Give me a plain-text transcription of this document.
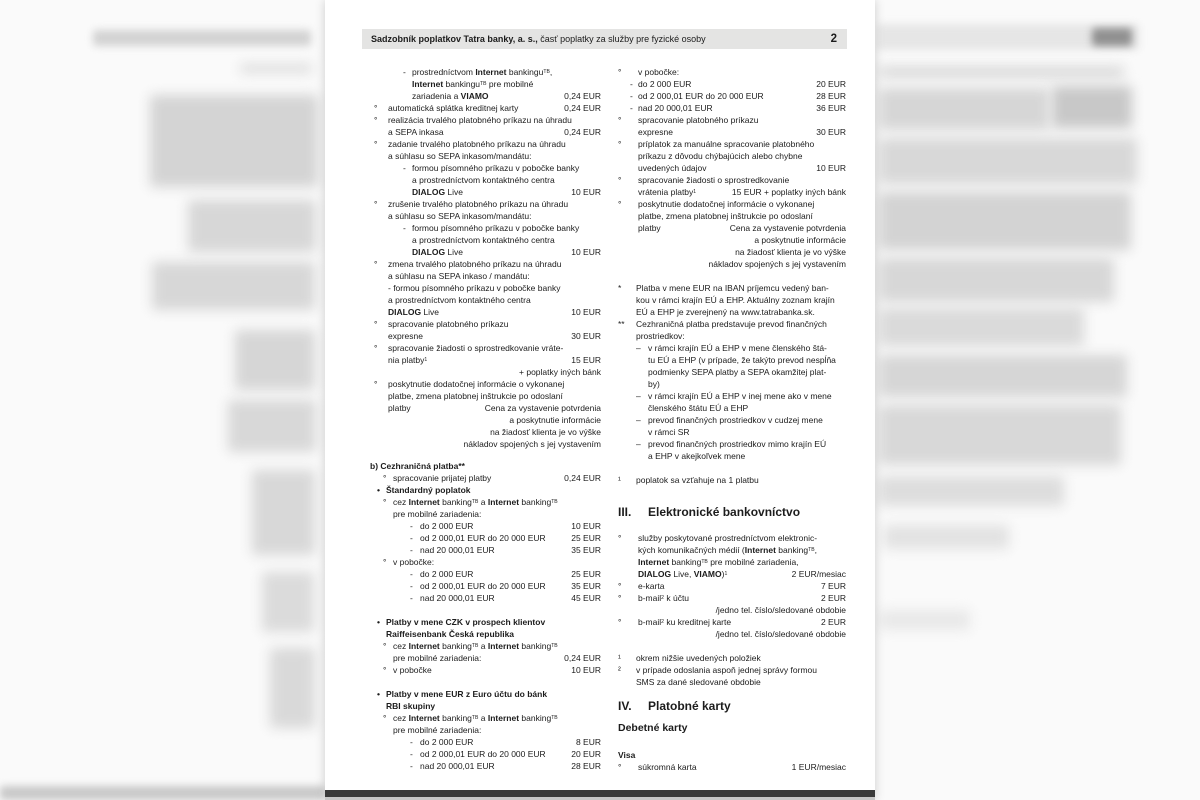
Sadzobník poplatkov Tatra banky, a. s., časť poplatky za služby pre fyzické osoby	2
- prostredníctvom Internet bankingu$^{TB}$,
Internet bankingu$^{TB}$ pre mobilné
zariadenia a VIAMO	0,24 EUR
°	automatická splátka kreditnej karty	0,24 EUR
°	realizácia trvalého platobného príkazu na úhradu
a SEPA inkasa	0,24 EUR
°	zadanie trvalého platobného príkazu na úhradu
a súhlasu so SEPA inkasom/mandátu:
- formou písomného príkazu v pobočke banky
a prostredníctvom kontaktného centra
DIALOG Live	10 EUR
°	zrušenie trvalého platobného príkazu na úhradu
a súhlasu so SEPA inkasom/mandátu:
- formou písomného príkazu v pobočke banky
a prostredníctvom kontaktného centra
DIALOG Live	10 EUR
°	zmena trvalého platobného príkazu na úhradu
a súhlasu na SEPA inkaso / mandátu:
- formou písomného príkazu v pobočke banky
a prostredníctvom kontaktného centra
DIALOG Live	10 EUR
°	spracovanie platobného príkazu
expresne	30 EUR
°	spracovanie žiadosti o sprostredkovanie vráte-
nia platby$^1$	15 EUR
+ poplatky iných bánk
°	poskytnutie dodatočnej informácie o vykonanej
platbe, zmena platobnej inštrukcie po odoslaní
platby	Cena za vystavenie potvrdenia
a poskytnutie informácie
na žiadosť klienta je vo výške
nákladov spojených s jej vystavením
b) Cezhraničná platba**
° spracovanie prijatej platby	0,24 EUR
• Štandardný poplatok
° cez Internet banking$^{TB}$ a Internet banking$^{TB}$
pre mobilné zariadenia:
- do 2 000 EUR	10 EUR
- od 2 000,01 EUR do 20 000 EUR	25 EUR
- nad 20 000,01 EUR	35 EUR
° v pobočke:
- do 2 000 EUR	25 EUR
- od 2 000,01 EUR do 20 000 EUR	35 EUR
- nad 20 000,01 EUR	45 EUR
• Platby v mene CZK v prospech klientov
Raiffeisenbank Česká republika
° cez Internet banking$^{TB}$ a Internet banking$^{TB}$
pre mobilné zariadenia:	0,24 EUR
° v pobočke	10 EUR
• Platby v mene EUR z Euro účtu do bánk
RBI skupiny
° cez Internet banking$^{TB}$ a Internet banking$^{TB}$
pre mobilné zariadenia:
- do 2 000 EUR	8 EUR
- od 2 000,01 EUR do 20 000 EUR	20 EUR
- nad 20 000,01 EUR	28 EUR
°	v pobočke:
- do 2 000 EUR	20 EUR
- od 2 000,01 EUR do 20 000 EUR	28 EUR
- nad 20 000,01 EUR	36 EUR
°	spracovanie platobného príkazu
expresne	30 EUR
°	príplatok za manuálne spracovanie platobného
príkazu z dôvodu chýbajúcich alebo chybne
uvedených údajov	10 EUR
°	spracovanie žiadosti o sprostredkovanie
vrátenia platby$^1$	15 EUR + poplatky iných bánk
°	poskytnutie dodatočnej informácie o vykonanej
platbe, zmena platobnej inštrukcie po odoslaní
platby	Cena za vystavenie potvrdenia
a poskytnutie informácie
na žiadosť klienta je vo výške
nákladov spojených s jej vystavením
*	Platba v mene EUR na IBAN príjemcu vedený ban-
kou v rámci krajín EÚ a EHP. Aktuálny zoznam krajín
EÚ a EHP je zverejnený na www.tatrabanka.sk.
**	Cezhraničná platba predstavuje prevod finančných
prostriedkov:
– v rámci krajín EÚ a EHP v mene členského štá-
tu EÚ a EHP (v prípade, že takýto prevod nespĺňa
podmienky SEPA platby a SEPA okamžitej plat-
by)
– v rámci krajín EÚ a EHP v inej mene ako v mene
členského štátu EÚ a EHP
– prevod finančných prostriedkov v cudzej mene
v rámci SR
– prevod finančných prostriedkov mimo krajín EÚ
a EHP v akejkoľvek mene
¹	poplatok sa vzťahuje na 1 platbu
III.	Elektronické bankovníctvo
°	služby poskytované prostredníctvom elektronic-
kých komunikačných médií (Internet banking$^{TB}$,
Internet banking$^{TB}$ pre mobilné zariadenia,
DIALOG Live, VIAMO)$^1$	2 EUR/mesiac
°	e-karta	7 EUR
°	b-mail$^2$ k účtu	2 EUR
/jedno tel. číslo/sledované obdobie
°	b-mail$^2$ ku kreditnej karte	2 EUR
/jedno tel. číslo/sledované obdobie
¹	okrem nižšie uvedených položiek
²	v prípade odoslania aspoň jednej správy formou
SMS za dané sledované obdobie
IV.	Platobné karty
Debetné karty
Visa
°	súkromná karta	1 EUR/mesiac
